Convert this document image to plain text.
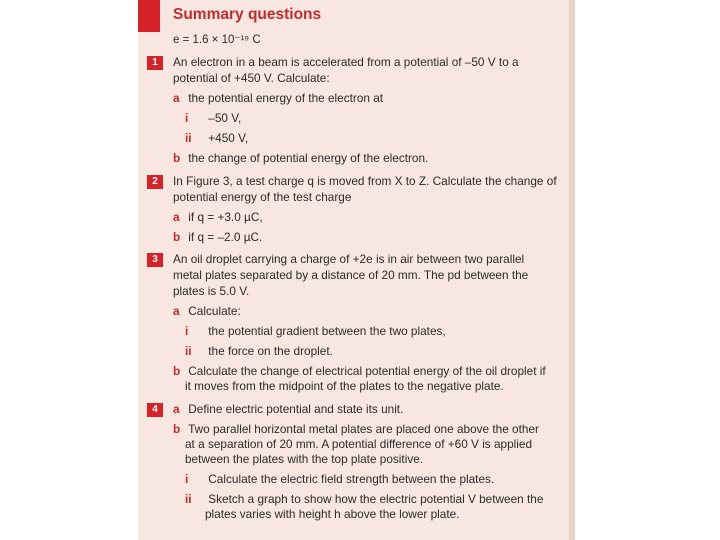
Summary questions
e = 1.6 × 10⁻¹⁹ C
1	An electron in a beam is accelerated from a potential of –50 V to a
potential of +450 V. Calculate:
a the potential energy of the electron at
i –50 V,
ii +450 V,
b the change of potential energy of the electron.
2	In Figure 3, a test charge q is moved from X to Z. Calculate the change of
potential energy of the test charge
a if q = +3.0 µC,
b if q = –2.0 µC.
3	An oil droplet carrying a charge of +2e is in air between two parallel
metal plates separated by a distance of 20 mm. The pd between the
plates is 5.0 V.
a Calculate:
i the potential gradient between the two plates,
ii the force on the droplet.
b Calculate the change of electrical potential energy of the oil droplet if
it moves from the midpoint of the plates to the negative plate.
4	a Define electric potential and state its unit.
b Two parallel horizontal metal plates are placed one above the other
at a separation of 20 mm. A potential difference of +60 V is applied
between the plates with the top plate positive.
i Calculate the electric field strength between the plates.
ii Sketch a graph to show how the electric potential V between the
plates varies with height h above the lower plate.
